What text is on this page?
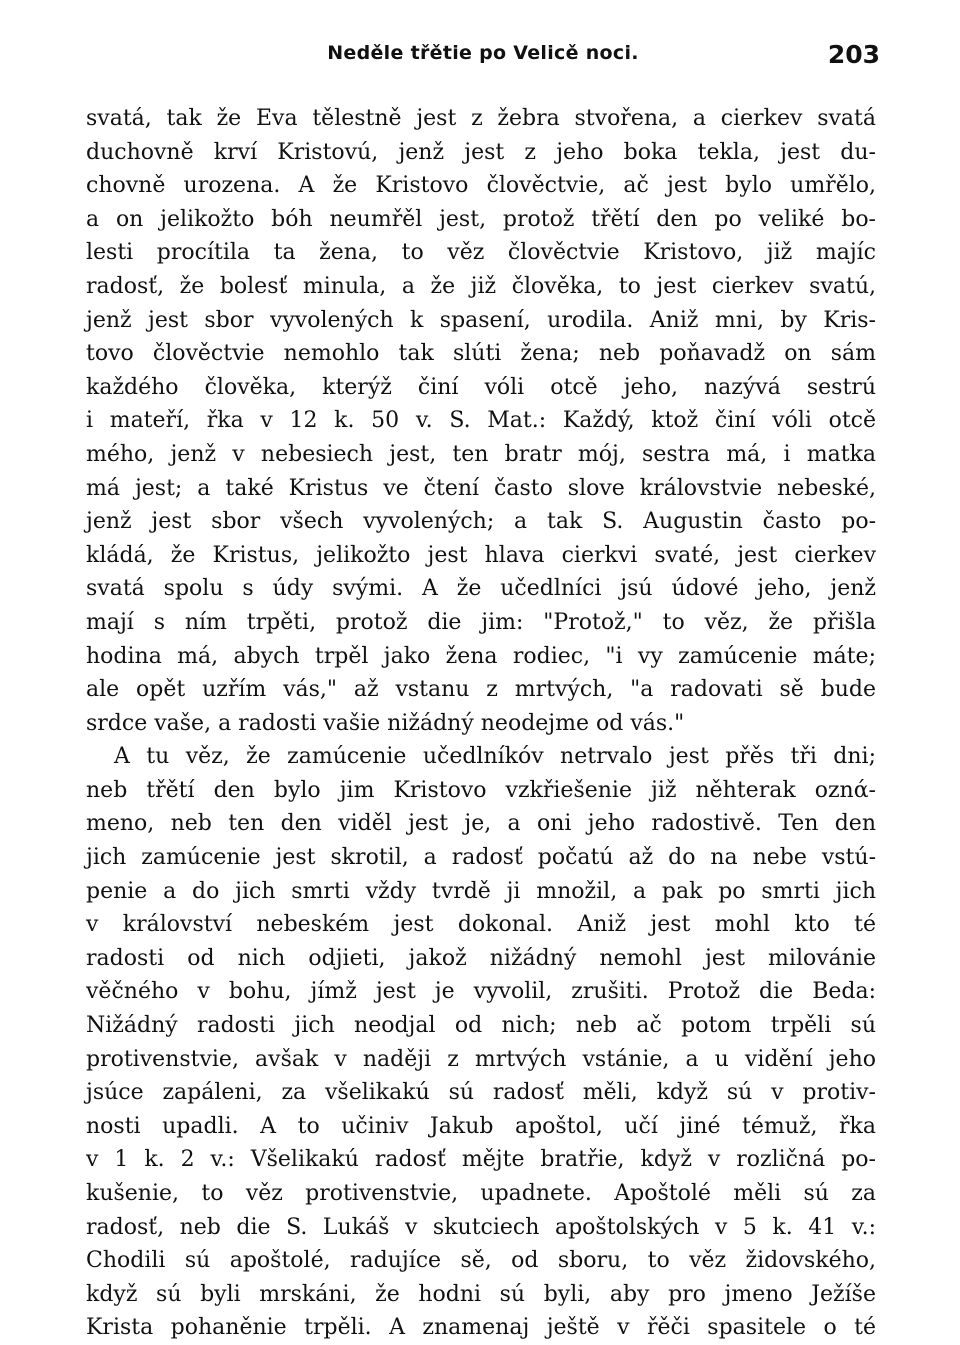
Neděle třětie po Velicě noci.	203
svatá, tak že Eva tělestně jest z žebra stvořena, a cierkev svatá
duchovně krví Kristovú, jenž jest z jeho boka tekla, jest du-
chovně urozena. A že Kristovo člověctvie, ač jest bylo umřělo,
a on jelikožto bóh neumřěl jest, protož třětí den po veliké bo-
lesti procítila ta žena, to věz člověctvie Kristovo, již majíc
radosť, že bolesť minula, a že již člověka, to jest cierkev svatú,
jenž jest sbor vyvolených k spasení, urodila. Aniž mni, by Kris-
tovo člověctvie nemohlo tak slúti žena; neb poňavadž on sám
každého člověka, kterýž činí vóli otcě jeho, nazývá sestrú
i mateří, řka v 12 k. 50 v. S. Mat.: Každý, ktož činí vóli otcě
mého, jenž v nebesiech jest, ten bratr mój, sestra má, i matka
má jest; a také Kristus ve čtení často slove královstvie nebeské,
jenž jest sbor všech vyvolených; a tak S. Augustin často po-
kládá, že Kristus, jelikožto jest hlava cierkvi svaté, jest cierkev
svatá spolu s údy svými. A že učedlníci jsú údové jeho, jenž
mají s ním trpěti, protož die jim: "Protož," to věz, že přišla
hodina má, abych trpěl jako žena rodiec, "i vy zamúcenie máte;
ale opět uzřím vás," až vstanu z mrtvých, "a radovati sě bude
srdce vaše, a radosti vašie nižádný neodejme od vás."
A tu věz, že zamúcenie učedlníkóv netrvalo jest přěs tři dni;
neb třětí den bylo jim Kristovo vzkřiešenie již něhterak oznά-
meno, neb ten den viděl jest je, a oni jeho radostivě. Ten den
jich zamúcenie jest skrotil, a radosť počatú až do na nebe vstú-
penie a do jich smrti vždy tvrdě ji množil, a pak po smrti jich
v království nebeském jest dokonal. Aniž jest mohl kto té
radosti od nich odjieti, jakož nižádný nemohl jest milovánie
věčného v bohu, jímž jest je vyvolil, zrušiti. Protož die Beda:
Nižádný radosti jich neodjal od nich; neb ač potom trpěli sú
protivenstvie, avšak v naději z mrtvých vstánie, a u vidění jeho
jsúce zapáleni, za všelikakú sú radosť měli, když sú v protiv-
nosti upadli. A to učiniv Jakub apoštol, učí jiné témuž, řka
v 1 k. 2 v.: Všelikakú radosť mějte bratřie, když v rozličná po-
kušenie, to věz protivenstvie, upadnete. Apoštolé měli sú za
radosť, neb die S. Lukáš v skutciech apoštolských v 5 k. 41 v.:
Chodili sú apoštolé, radujíce sě, od sboru, to věz židovského,
když sú byli mrskáni, že hodni sú byli, aby pro jmeno Ježíše
Krista pohaněnie trpěli. A znamenaj ještě v řěči spasitele o té
